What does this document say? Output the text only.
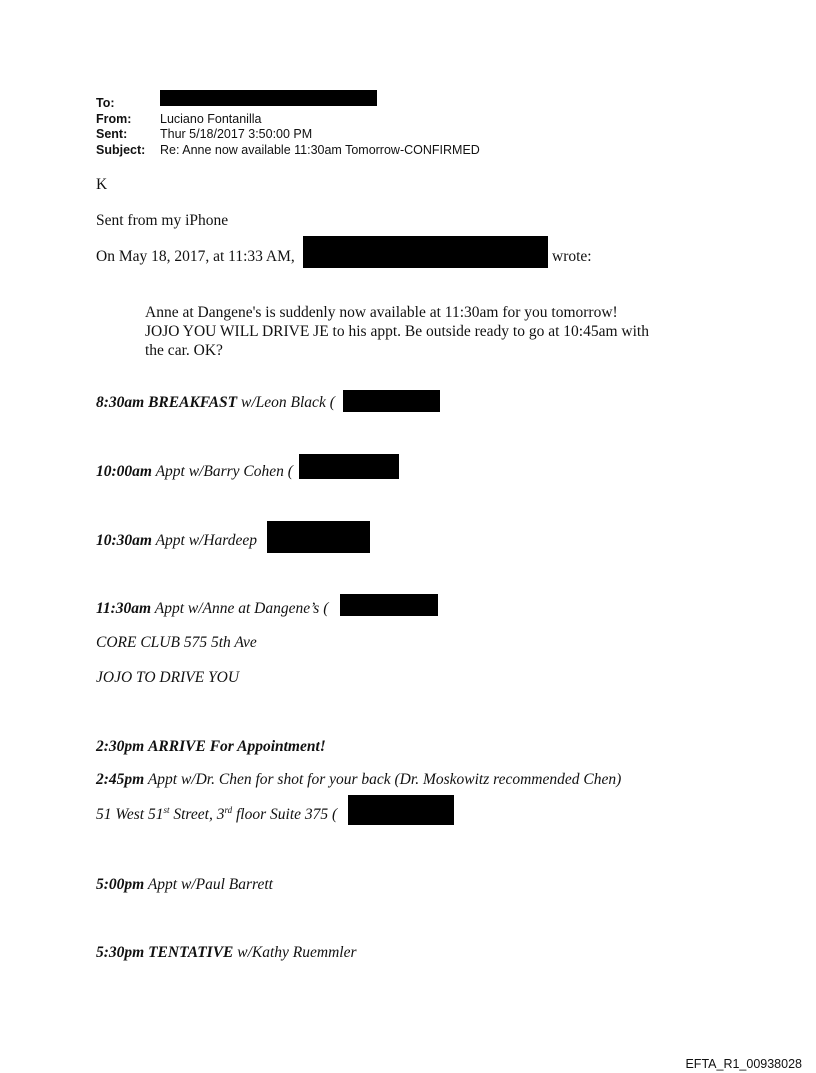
To:
From: Luciano Fontanilla
Sent:	Thur 5/18/2017 3:50:00 PM
Subject: Re: Anne now available 11:30am Tomorrow-CONFIRMED
K
Sent from my iPhone
On May 18, 2017, at 11:33 AM,	wrote:
Anne at Dangene's is suddenly now available at 11:30am for you tomorrow!
JOJO YOU WILL DRIVE JE to his appt. Be outside ready to go at 10:45am with
the car. OK?
8:30am BREAKFAST w/Leon Black (
10:00am Appt w/Barry Cohen (
10:30am Appt w/Hardeep
11:30am Appt w/Anne at Dangene’s (
CORE CLUB 575 5th Ave
JOJO TO DRIVE YOU
2:30pm ARRIVE For Appointment!
2:45pm Appt w/Dr. Chen for shot for your back (Dr. Moskowitz recommended Chen)
51 West 51st Street, 3rd floor Suite 375 (
5:00pm Appt w/Paul Barrett
5:30pm TENTATIVE w/Kathy Ruemmler
EFTA_R1_00938028
